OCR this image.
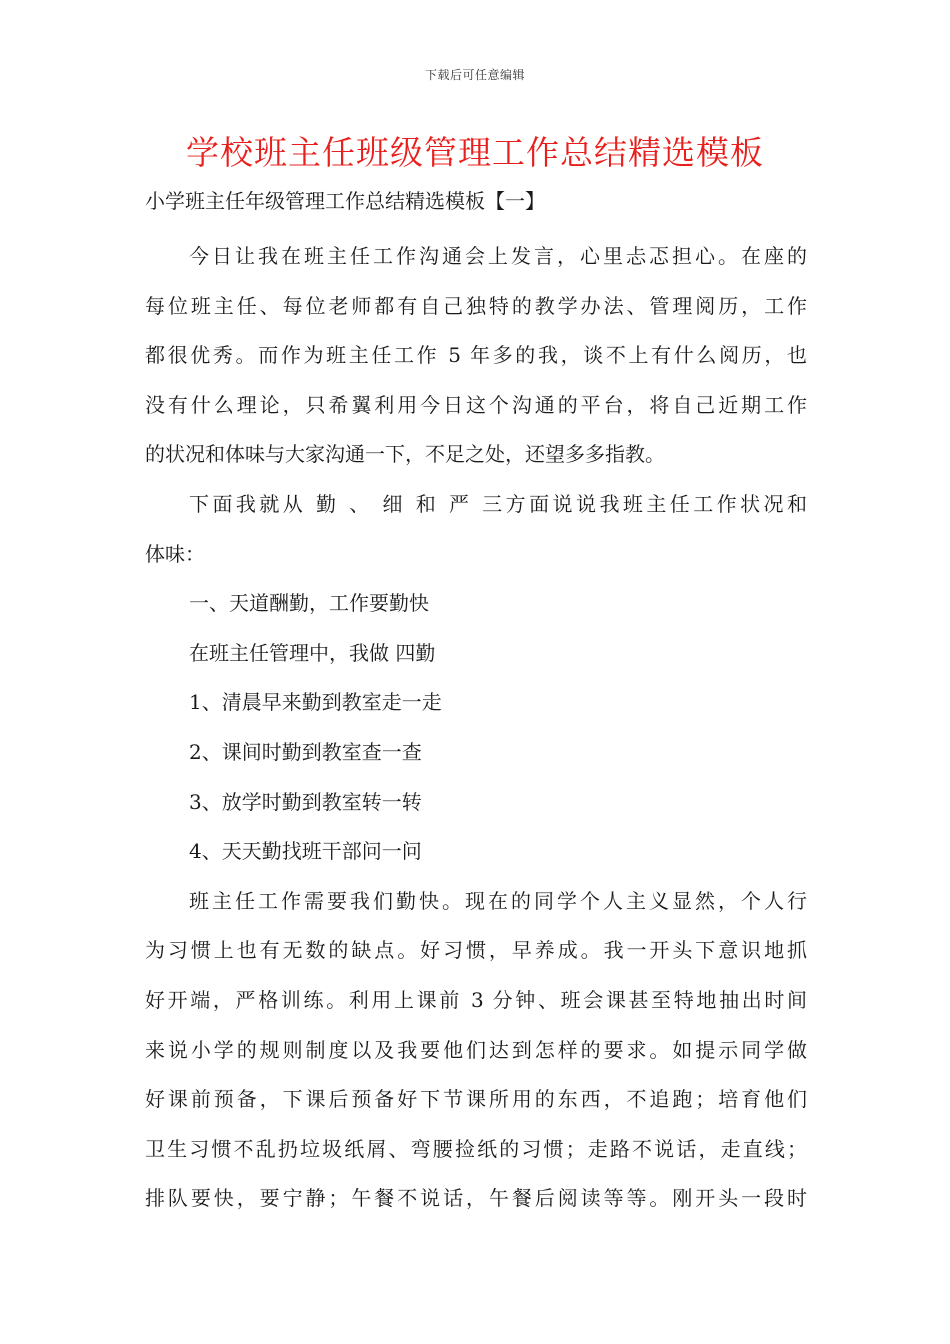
下载后可任意编辑
学校班主任班级管理工作总结精选模板
小学班主任年级管理工作总结精选模板【一】
今日让我在班主任工作沟通会上发言，心里忐忑担心。在座的
每位班主任、每位老师都有自己独特的教学办法、管理阅历，工作
都很优秀。而作为班主任工作 5 年多的我，谈不上有什么阅历，也
没有什么理论，只希翼利用今日这个沟通的平台，将自己近期工作
的状况和体味与大家沟通一下，不足之处，还望多多指教。
下面我就从 勤 、 细 和 严 三方面说说我班主任工作状况和
体味：
一、天道酬勤，工作要勤快
在班主任管理中，我做 四勤
1、清晨早来勤到教室走一走
2、课间时勤到教室查一查
3、放学时勤到教室转一转
4、天天勤找班干部问一问
班主任工作需要我们勤快。现在的同学个人主义显然，个人行
为习惯上也有无数的缺点。好习惯，早养成。我一开头下意识地抓
好开端，严格训练。利用上课前 3 分钟、班会课甚至特地抽出时间
来说小学的规则制度以及我要他们达到怎样的要求。如提示同学做
好课前预备，下课后预备好下节课所用的东西，不追跑；培育他们
卫生习惯不乱扔垃圾纸屑、弯腰捡纸的习惯；走路不说话，走直线；
排队要快，要宁静；午餐不说话，午餐后阅读等等。刚开头一段时
